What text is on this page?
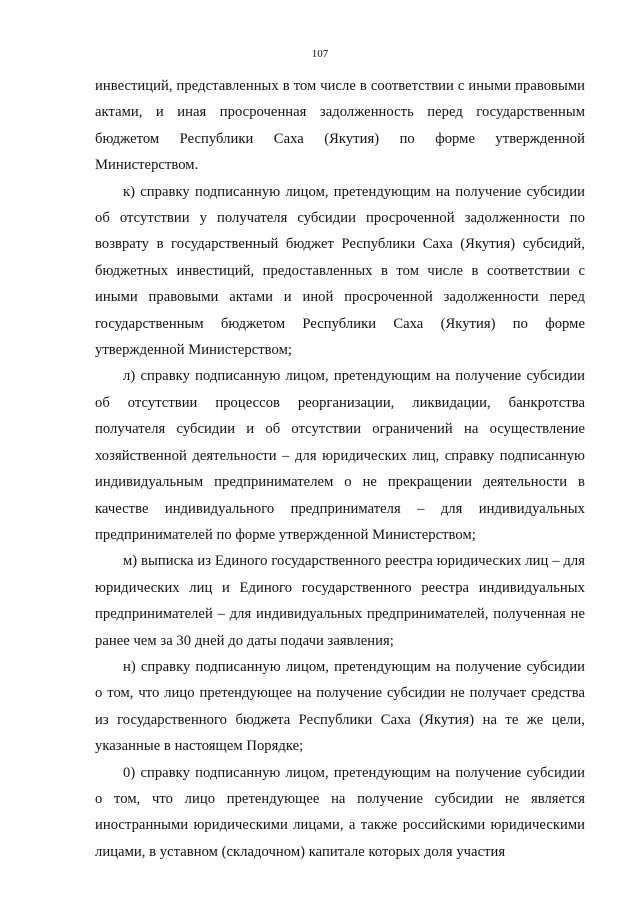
107

инвестиций, представленных в том числе в соответствии с иными правовыми актами, и иная просроченная задолженность перед государственным бюджетом Республики Саха (Якутия) по форме утвержденной Министерством.

к) справку подписанную лицом, претендующим на получение субсидии об отсутствии у получателя субсидии просроченной задолженности по возврату в государственный бюджет Республики Саха (Якутия) субсидий, бюджетных инвестиций, предоставленных в том числе в соответствии с иными правовыми актами и иной просроченной задолженности перед государственным бюджетом Республики Саха (Якутия) по форме утвержденной Министерством;

л) справку подписанную лицом, претендующим на получение субсидии об отсутствии процессов реорганизации, ликвидации, банкротства получателя субсидии и об отсутствии ограничений на осуществление хозяйственной деятельности – для юридических лиц, справку подписанную индивидуальным предпринимателем о не прекращении деятельности в качестве индивидуального предпринимателя – для индивидуальных предпринимателей по форме утвержденной Министерством;

м) выписка из Единого государственного реестра юридических лиц – для юридических лиц и Единого государственного реестра индивидуальных предпринимателей – для индивидуальных предпринимателей, полученная не ранее чем за 30 дней до даты подачи заявления;

н) справку подписанную лицом, претендующим на получение субсидии о том, что лицо претендующее на получение субсидии не получает средства из государственного бюджета Республики Саха (Якутия) на те же цели, указанные в настоящем Порядке;

0) справку подписанную лицом, претендующим на получение субсидии о том, что лицо претендующее на получение субсидии не является иностранными юридическими лицами, а также российскими юридическими лицами, в уставном (складочном) капитале которых доля участия
